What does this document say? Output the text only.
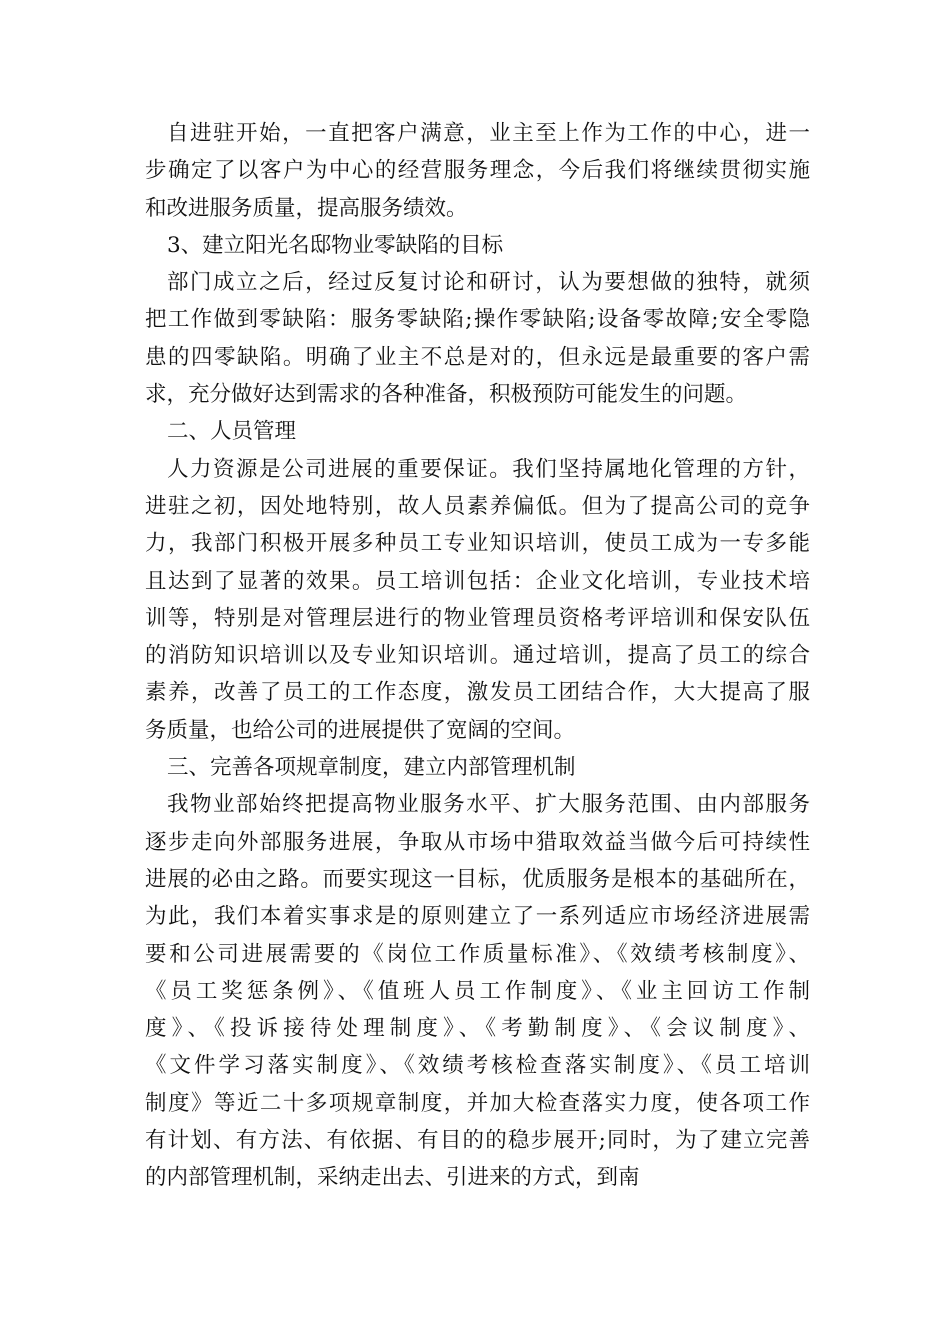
自进驻开始，一直把客户满意，业主至上作为工作的中心，进一
步确定了以客户为中心的经营服务理念，今后我们将继续贯彻实施
和改进服务质量，提高服务绩效。
3、建立阳光名邸物业零缺陷的目标
部门成立之后，经过反复讨论和研讨，认为要想做的独特，就须
把工作做到零缺陷：服务零缺陷;操作零缺陷;设备零故障;安全零隐
患的四零缺陷。明确了业主不总是对的，但永远是最重要的客户需
求，充分做好达到需求的各种准备，积极预防可能发生的问题。
二、人员管理
人力资源是公司进展的重要保证。我们坚持属地化管理的方针，
进驻之初，因处地特别，故人员素养偏低。但为了提高公司的竞争
力，我部门积极开展多种员工专业知识培训，使员工成为一专多能
且达到了显著的效果。员工培训包括：企业文化培训，专业技术培
训等，特别是对管理层进行的物业管理员资格考评培训和保安队伍
的消防知识培训以及专业知识培训。通过培训，提高了员工的综合
素养，改善了员工的工作态度，激发员工团结合作，大大提高了服
务质量，也给公司的进展提供了宽阔的空间。
三、完善各项规章制度，建立内部管理机制
我物业部始终把提高物业服务水平、扩大服务范围、由内部服务
逐步走向外部服务进展，争取从市场中猎取效益当做今后可持续性
进展的必由之路。而要实现这一目标，优质服务是根本的基础所在，
为此，我们本着实事求是的原则建立了一系列适应市场经济进展需
要和公司进展需要的《岗位工作质量标准》、《效绩考核制度》、
《员工奖惩条例》、《值班人员工作制度》、《业主回访工作制
度》、《投诉接待处理制度》、《考勤制度》、《会议制度》、
《文件学习落实制度》、《效绩考核检查落实制度》、《员工培训
制度》等近二十多项规章制度，并加大检查落实力度，使各项工作
有计划、有方法、有依据、有目的的稳步展开;同时，为了建立完善
的内部管理机制，采纳走出去、引进来的方式，到南
